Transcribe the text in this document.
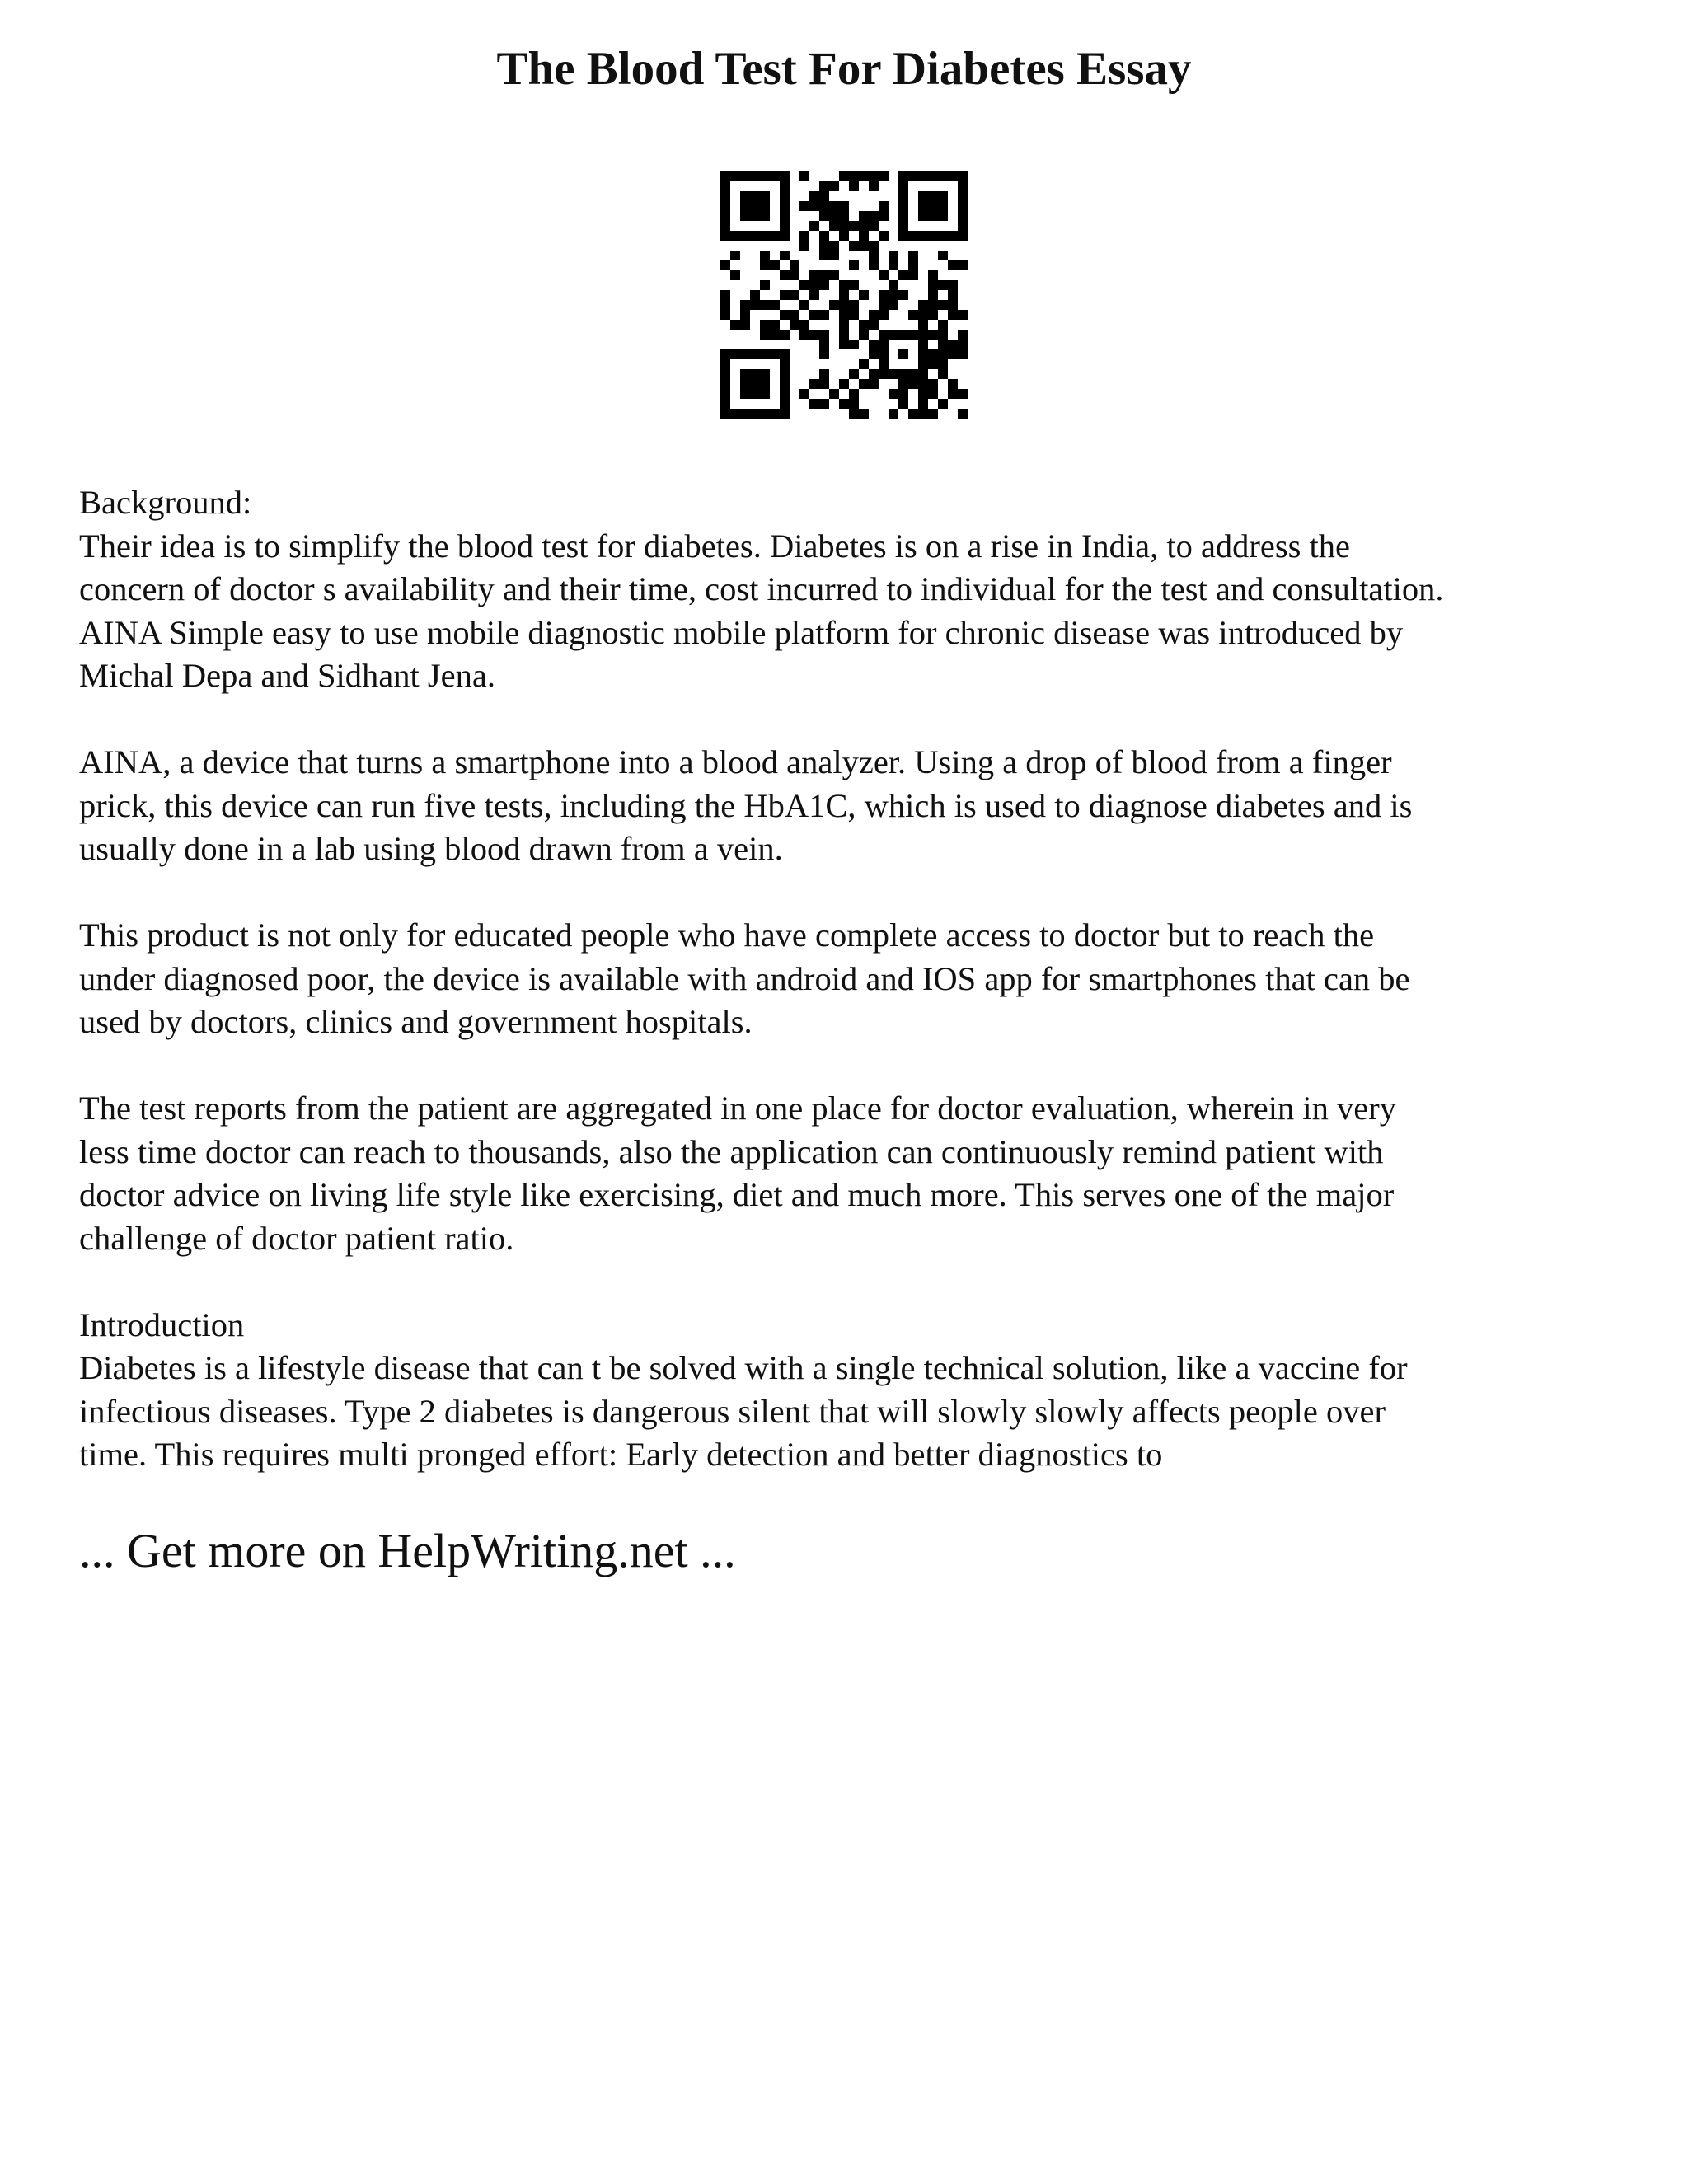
The Blood Test For Diabetes Essay

Background:
Their idea is to simplify the blood test for diabetes. Diabetes is on a rise in India, to address the
concern of doctor s availability and their time, cost incurred to individual for the test and consultation.
AINA Simple easy to use mobile diagnostic mobile platform for chronic disease was introduced by
Michal Depa and Sidhant Jena.

AINA, a device that turns a smartphone into a blood analyzer. Using a drop of blood from a finger
prick, this device can run five tests, including the HbA1C, which is used to diagnose diabetes and is
usually done in a lab using blood drawn from a vein.

This product is not only for educated people who have complete access to doctor but to reach the
under diagnosed poor, the device is available with android and IOS app for smartphones that can be
used by doctors, clinics and government hospitals.

The test reports from the patient are aggregated in one place for doctor evaluation, wherein in very
less time doctor can reach to thousands, also the application can continuously remind patient with
doctor advice on living life style like exercising, diet and much more. This serves one of the major
challenge of doctor patient ratio.

Introduction
Diabetes is a lifestyle disease that can t be solved with a single technical solution, like a vaccine for
infectious diseases. Type 2 diabetes is dangerous silent that will slowly slowly affects people over
time. This requires multi pronged effort: Early detection and better diagnostics to

... Get more on HelpWriting.net ...
